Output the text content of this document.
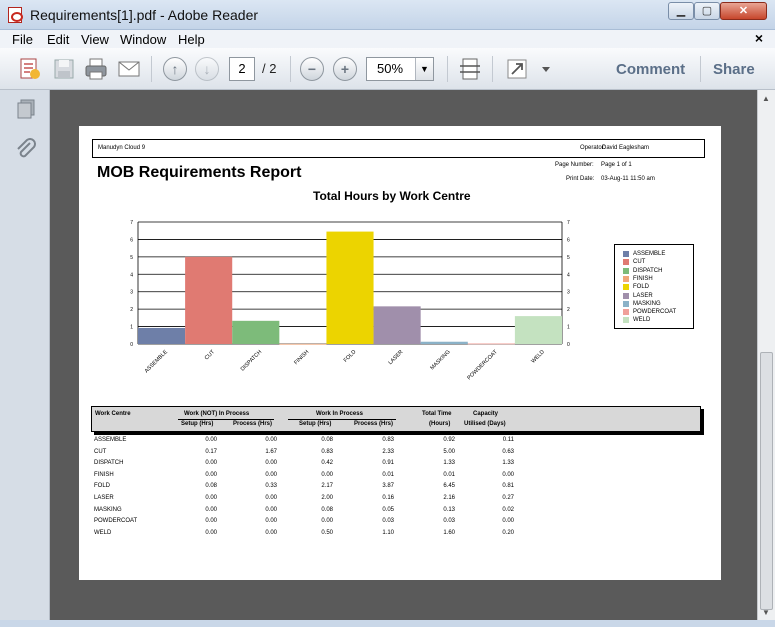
Requirements[1].pdf - Adobe Reader	▁	▢	✕
File Edit View Window Help	×
↑	↓	2	/ 2	−	+	50%	▼	Comment Share
▲
▼
Manudyn Cloud 9	Operator:
David Eaglesham
MOB Requirements Report	Page Number: Page 1 of 1
Print Date: 03-Aug-11 11:50 am
Total Hours by Work Centre
0	0
1	1
2	2
3	3
4	4
5	5
6	6
7	7
ASSEMBLE	CUT	DISPATCH	FINISH	FOLD	LASER	MASKING	POWDERCOAT	WELD
ASSEMBLE
CUT
DISPATCH
FINISH
FOLD
LASER
MASKING
POWDERCOAT
WELD
Work Centre	Work (NOT) In Process	Work In Process	Total Time	Capacity
Setup (Hrs)	Process (Hrs)	Setup (Hrs)	Process (Hrs)	(Hours) Utilised (Days)
ASSEMBLE	0.00	0.00	0.08	0.83	0.92	0.11
CUT	0.17	1.67	0.83	2.33	5.00	0.63
DISPATCH	0.00	0.00	0.42	0.91	1.33	1.33
FINISH	0.00	0.00	0.00	0.01	0.01	0.00
FOLD	0.08	0.33	2.17	3.87	6.45	0.81
LASER	0.00	0.00	2.00	0.16	2.16	0.27
MASKING	0.00	0.00	0.08	0.05	0.13	0.02
POWDERCOAT	0.00	0.00	0.00	0.03	0.03	0.00
WELD	0.00	0.00	0.50	1.10	1.60	0.20
